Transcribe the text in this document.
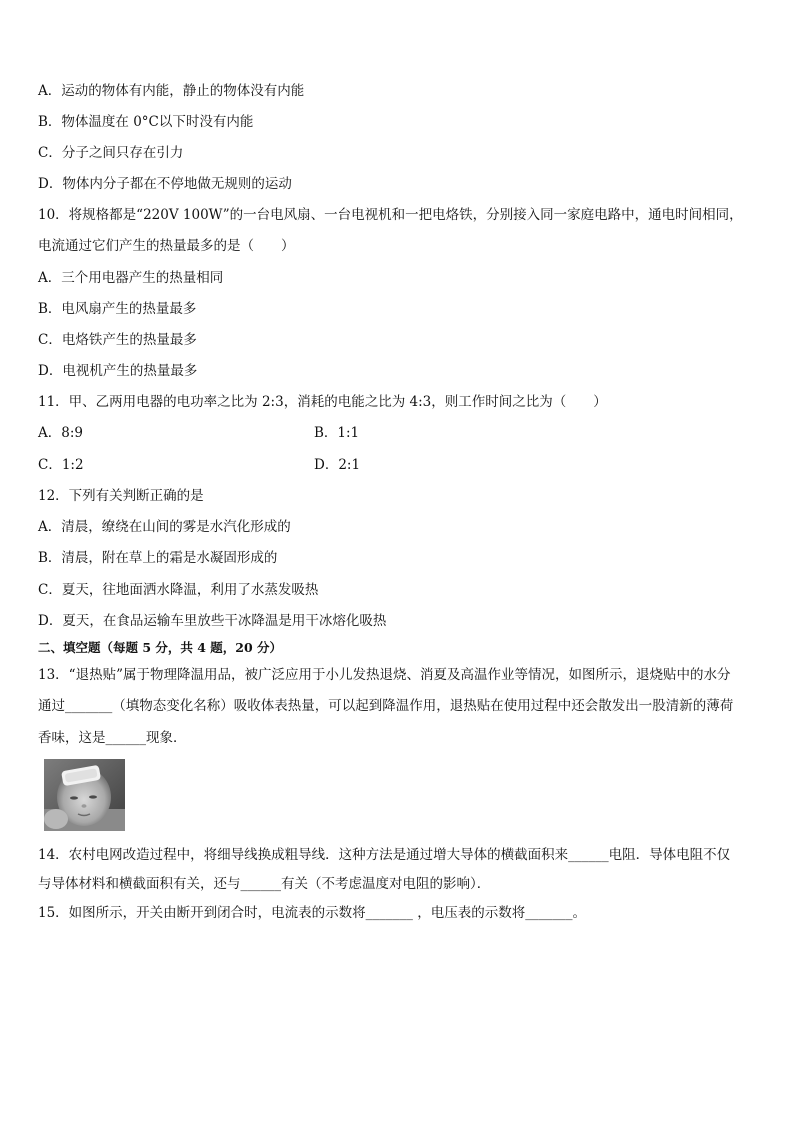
A．运动的物体有内能，静止的物体没有内能
B．物体温度在 0°C以下时没有内能
C．分子之间只存在引力
D．物体内分子都在不停地做无规则的运动
10．将规格都是“220V 100W”的一台电风扇、一台电视机和一把电烙铁，分别接入同一家庭电路中，通电时间相同，
电流通过它们产生的热量最多的是（　　）
A．三个用电器产生的热量相同
B．电风扇产生的热量最多
C．电烙铁产生的热量最多
D．电视机产生的热量最多
11．甲、乙两用电器的电功率之比为 2:3，消耗的电能之比为 4:3，则工作时间之比为（　　）
A．8:9	B．1:1
C．1:2	D．2:1
12．下列有关判断正确的是
A．清晨，缭绕在山间的雾是水汽化形成的
B．清晨，附在草上的霜是水凝固形成的
C．夏天，往地面洒水降温，利用了水蒸发吸热
D．夏天，在食品运输车里放些干冰降温是用干冰熔化吸热
二、填空题（每题 5 分，共 4 题，20 分）
13．“退热贴”属于物理降温用品，被广泛应用于小儿发热退烧、消夏及高温作业等情况，如图所示，退烧贴中的水分
通过_______（填物态变化名称）吸收体表热量，可以起到降温作用，退热贴在使用过程中还会散发出一股清新的薄荷
香味，这是______现象．
14．农村电网改造过程中，将细导线换成粗导线．这种方法是通过增大导体的横截面积来______电阻．导体电阻不仅
与导体材料和横截面积有关，还与______有关（不考虑温度对电阻的影响）．
15．如图所示，开关由断开到闭合时，电流表的示数将_______ ，电压表的示数将_______。
